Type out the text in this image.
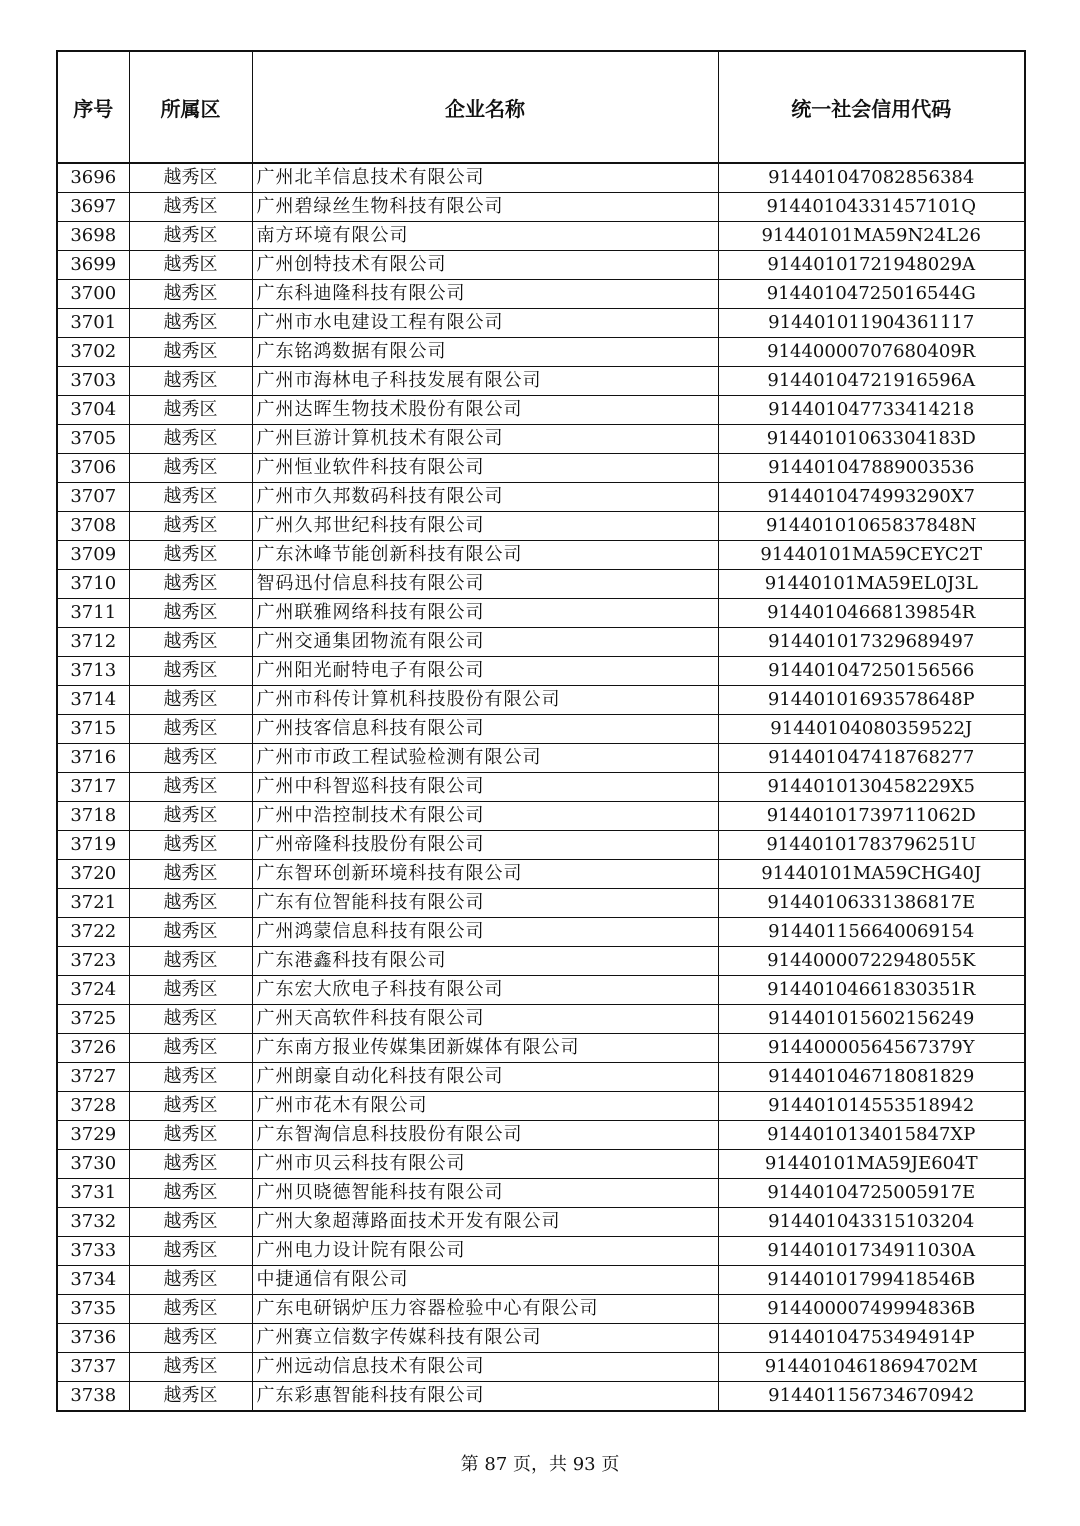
序号	所属区	企业名称	统一社会信用代码
3696	越秀区	广州北羊信息技术有限公司	914401047082856384
3697	越秀区	广州碧绿丝生物科技有限公司	91440104331457101Q
3698	越秀区	南方环境有限公司	91440101MA59N24L26
3699	越秀区	广州创特技术有限公司	91440101721948029A
3700	越秀区	广东科迪隆科技有限公司	91440104725016544G
3701	越秀区	广州市水电建设工程有限公司	914401011904361117
3702	越秀区	广东铭鸿数据有限公司	91440000707680409R
3703	越秀区	广州市海林电子科技发展有限公司	91440104721916596A
3704	越秀区	广州达晖生物技术股份有限公司	914401047733414218
3705	越秀区	广州巨游计算机技术有限公司	91440101063304183D
3706	越秀区	广州恒业软件科技有限公司	914401047889003536
3707	越秀区	广州市久邦数码科技有限公司	9144010474993290X7
3708	越秀区	广州久邦世纪科技有限公司	91440101065837848N
3709	越秀区	广东沐峰节能创新科技有限公司	91440101MA59CEYC2T
3710	越秀区	智码迅付信息科技有限公司	91440101MA59EL0J3L
3711	越秀区	广州联雅网络科技有限公司	91440104668139854R
3712	越秀区	广州交通集团物流有限公司	914401017329689497
3713	越秀区	广州阳光耐特电子有限公司	914401047250156566
3714	越秀区	广州市科传计算机科技股份有限公司	91440101693578648P
3715	越秀区	广州技客信息科技有限公司	91440104080359522J
3716	越秀区	广州市市政工程试验检测有限公司	914401047418768277
3717	越秀区	广州中科智巡科技有限公司	9144010130458229X5
3718	越秀区	广州中浩控制技术有限公司	91440101739711062D
3719	越秀区	广州帝隆科技股份有限公司	91440101783796251U
3720	越秀区	广东智环创新环境科技有限公司	91440101MA59CHG40J
3721	越秀区	广东有位智能科技有限公司	91440106331386817E
3722	越秀区	广州鸿蒙信息科技有限公司	914401156640069154
3723	越秀区	广东港鑫科技有限公司	91440000722948055K
3724	越秀区	广东宏大欣电子科技有限公司	91440104661830351R
3725	越秀区	广州天高软件科技有限公司	914401015602156249
3726	越秀区	广东南方报业传媒集团新媒体有限公司	91440000564567379Y
3727	越秀区	广州朗豪自动化科技有限公司	914401046718081829
3728	越秀区	广州市花木有限公司	914401014553518942
3729	越秀区	广东智淘信息科技股份有限公司	9144010134015847XP
3730	越秀区	广州市贝云科技有限公司	91440101MA59JE604T
3731	越秀区	广州贝晓德智能科技有限公司	91440104725005917E
3732	越秀区	广州大象超薄路面技术开发有限公司	914401043315103204
3733	越秀区	广州电力设计院有限公司	91440101734911030A
3734	越秀区	中捷通信有限公司	91440101799418546B
3735	越秀区	广东电研锅炉压力容器检验中心有限公司	91440000749994836B
3736	越秀区	广州赛立信数字传媒科技有限公司	91440104753494914P
3737	越秀区	广州远动信息技术有限公司	91440104618694702M
3738	越秀区	广东彩惠智能科技有限公司	914401156734670942
第 87 页，共 93 页
